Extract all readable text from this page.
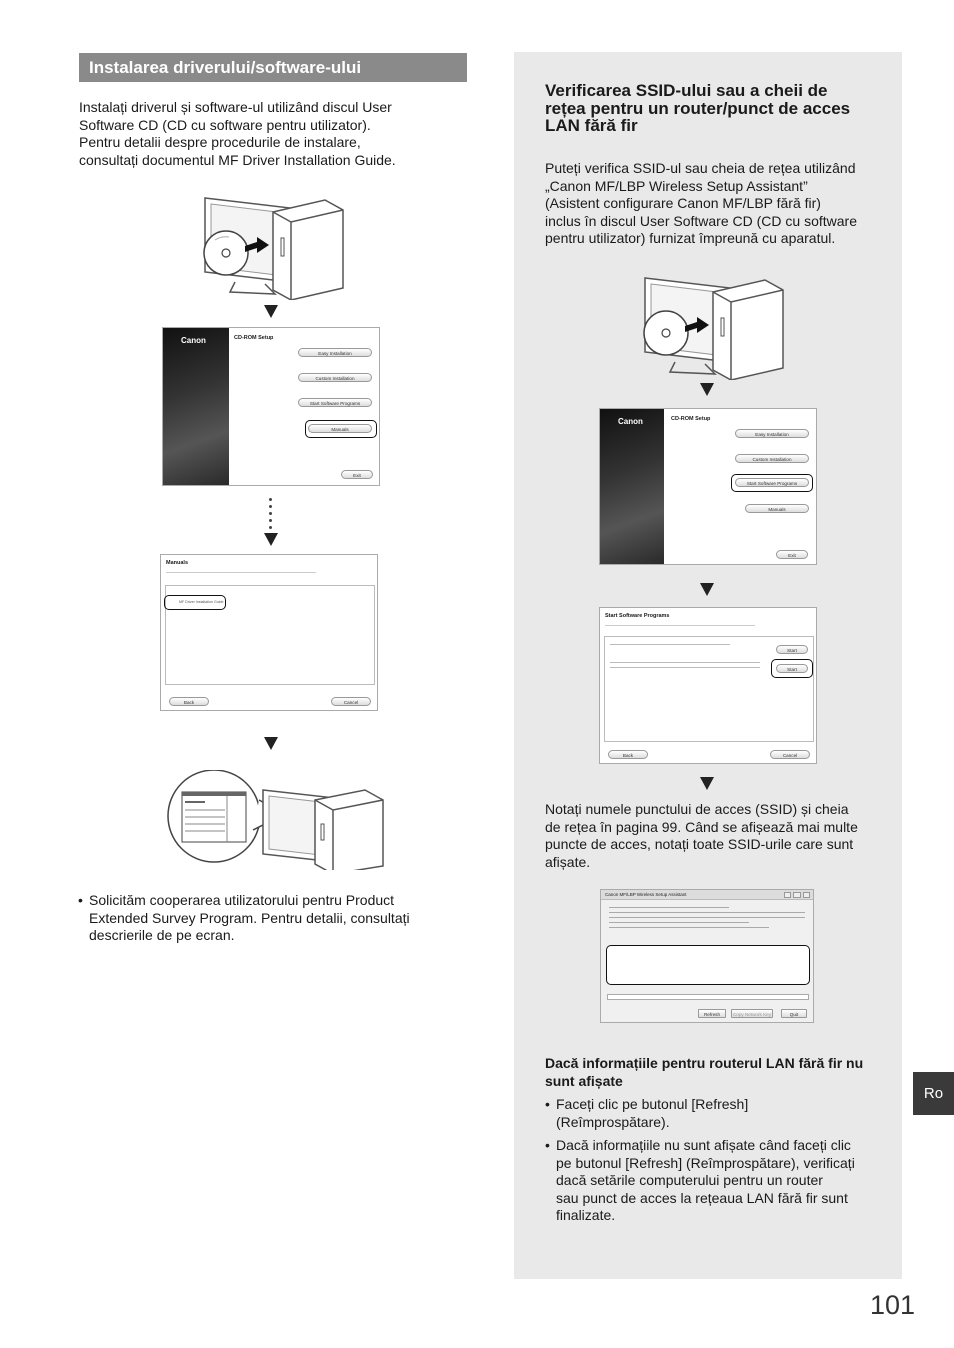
Instalarea driverului/software-ului
Instalați driverul și software-ul utilizând discul User
Software CD (CD cu software pentru utilizator).
Pentru detalii despre procedurile de instalare,
consultați documentul MF Driver Installation Guide.
Canon	CD-ROM Setup
Easy Installation
Custom Installation
Start Software Programs
Manuals
Exit
Manuals
MF Driver Installation Guide
Back	Cancel
• Solicităm cooperarea utilizatorului pentru Product
Extended Survey Program. Pentru detalii, consultați
descrierile de pe ecran.
Verificarea SSID-ului sau a cheii de rețea pentru un router/punct de acces LAN fără fir
Puteți verifica SSID-ul sau cheia de rețea utilizând
„Canon MF/LBP Wireless Setup Assistant”
(Asistent configurare Canon MF/LBP fără fir)
inclus în discul User Software CD (CD cu software
pentru utilizator) furnizat împreună cu aparatul.
Canon	CD-ROM Setup
Easy Installation
Custom Installation
Start Software Programs
Manuals
Exit
Start Software Programs
Start
Start
Back	Cancel
Notați numele punctului de acces (SSID) și cheia
de rețea în pagina 99. Când se afișează mai multe
puncte de acces, notați toate SSID-urile care sunt
afișate.
Canon MF/LBP Wireless Setup Assistant
Refresh	Copy Network Key	Quit
Dacă informațiile pentru routerul LAN fără fir nu sunt afișate
• Faceți clic pe butonul [Refresh]
(Reîmprospătare).
• Dacă informațiile nu sunt afișate când faceți clic
pe butonul [Refresh] (Reîmprospătare), verificați
dacă setările computerului pentru un router
sau punct de acces la rețeaua LAN fără fir sunt
finalizate.
Ro
101
